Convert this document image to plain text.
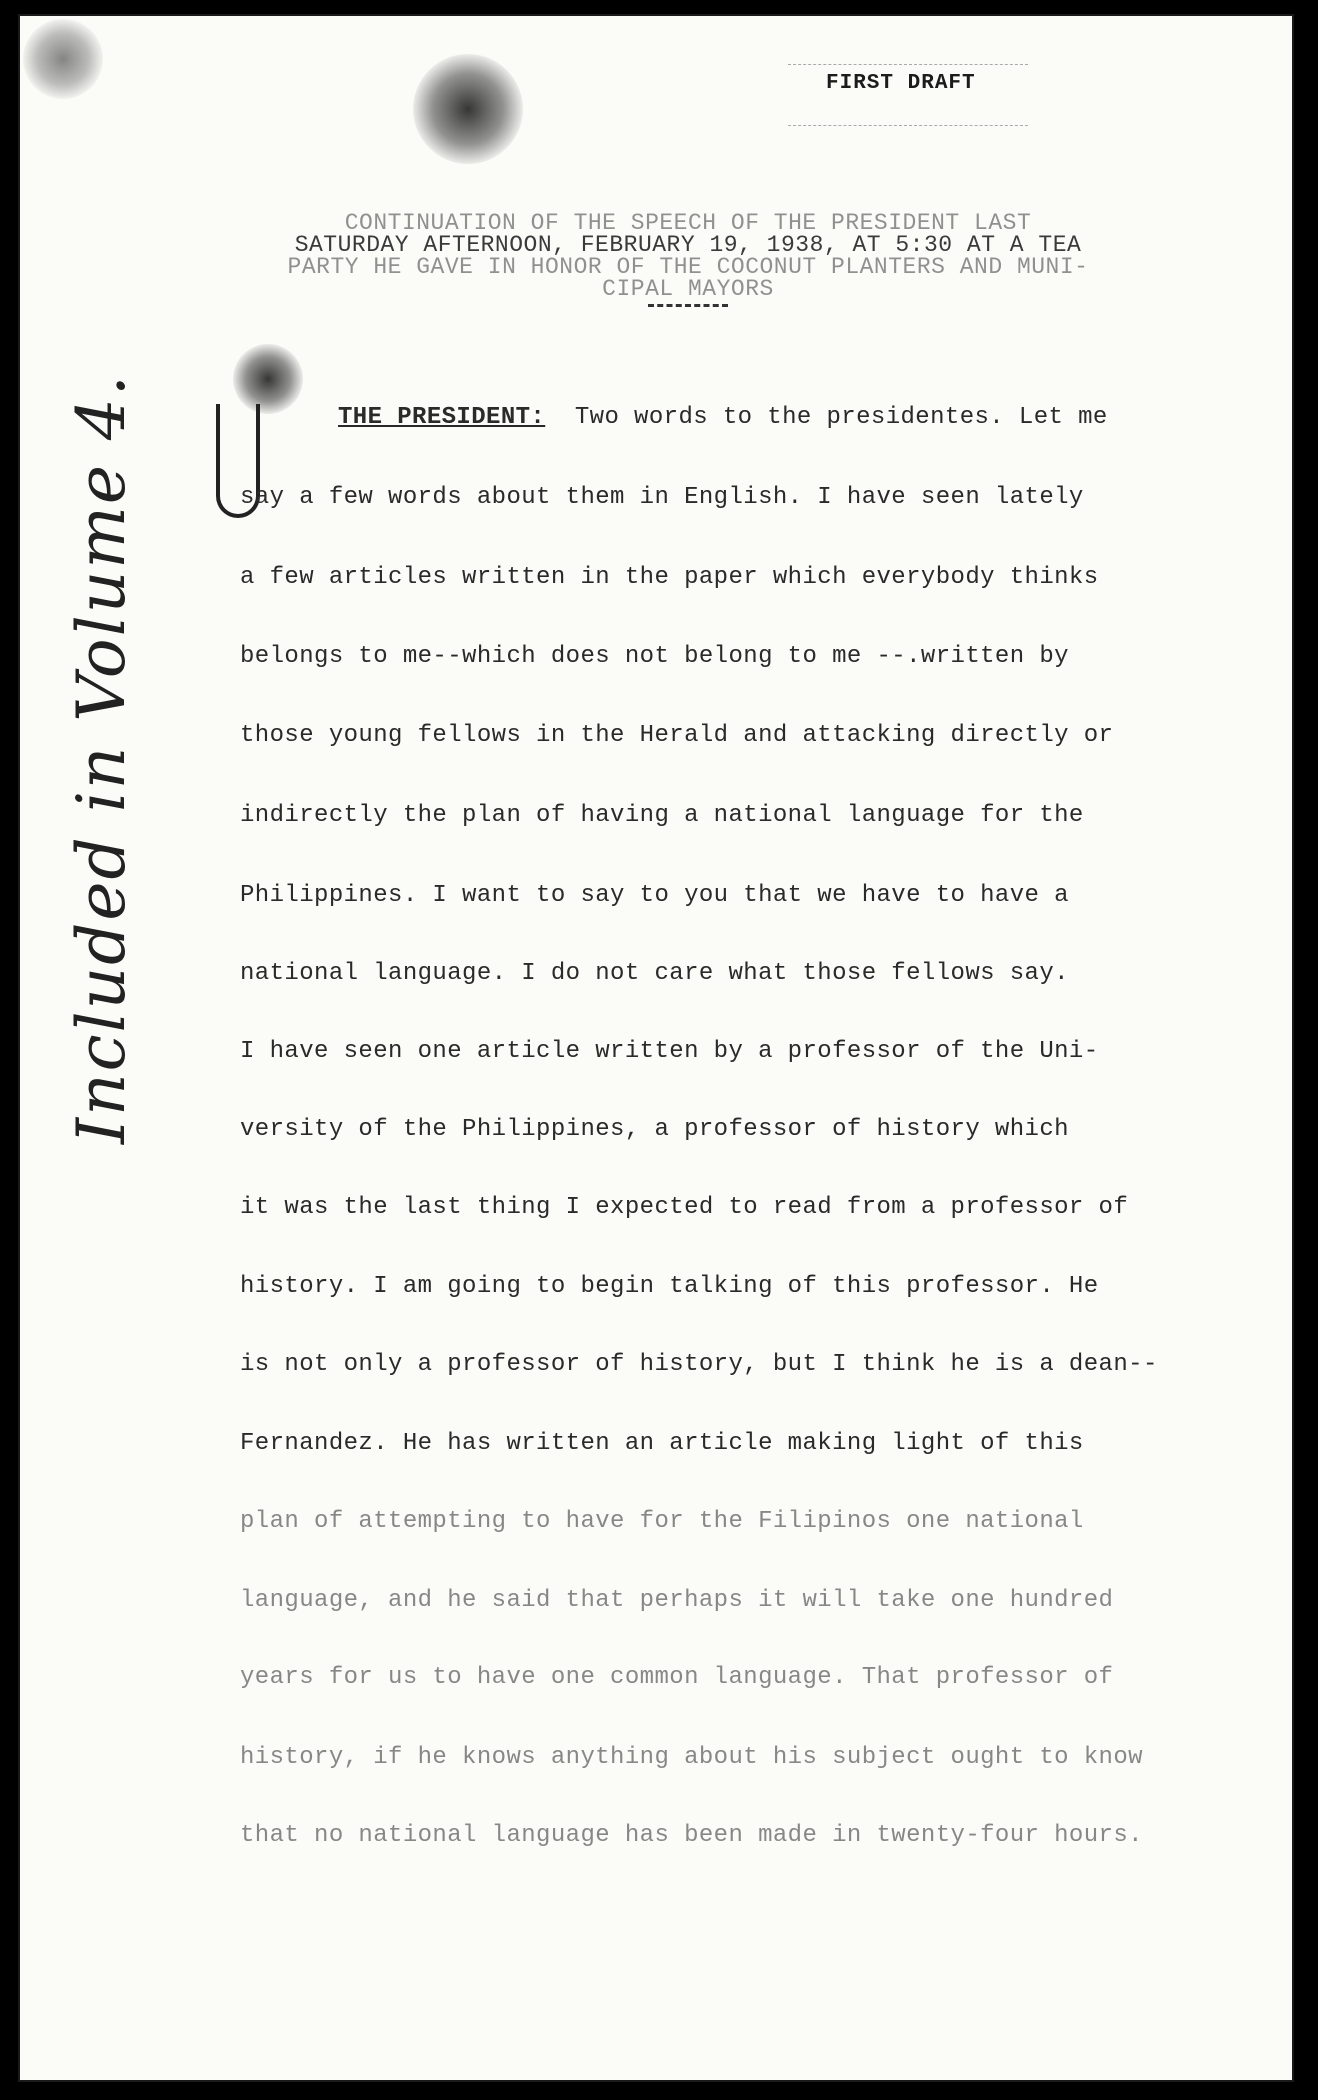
FIRST DRAFT
CONTINUATION OF THE SPEECH OF THE PRESIDENT LAST
SATURDAY AFTERNOON, FEBRUARY 19, 1938, AT 5:30 AT A TEA
PARTY HE GAVE IN HONOR OF THE COCONUT PLANTERS AND MUNI-
CIPAL MAYORS
THE PRESIDENT: Two words to the presidentes. Let me
say a few words about them in English. I have seen lately
a few articles written in the paper which everybody thinks
belongs to me--which does not belong to me --.written by
those young fellows in the Herald and attacking directly or
indirectly the plan of having a national language for the
Philippines. I want to say to you that we have to have a
national language. I do not care what those fellows say.
I have seen one article written by a professor of the Uni-
versity of the Philippines, a professor of history which
it was the last thing I expected to read from a professor of
history. I am going to begin talking of this professor. He
is not only a professor of history, but I think he is a dean--
Fernandez. He has written an article making light of this
plan of attempting to have for the Filipinos one national
language, and he said that perhaps it will take one hundred
years for us to have one common language. That professor of
history, if he knows anything about his subject ought to know
that no national language has been made in twenty-four hours.
Included in Volume 4.
